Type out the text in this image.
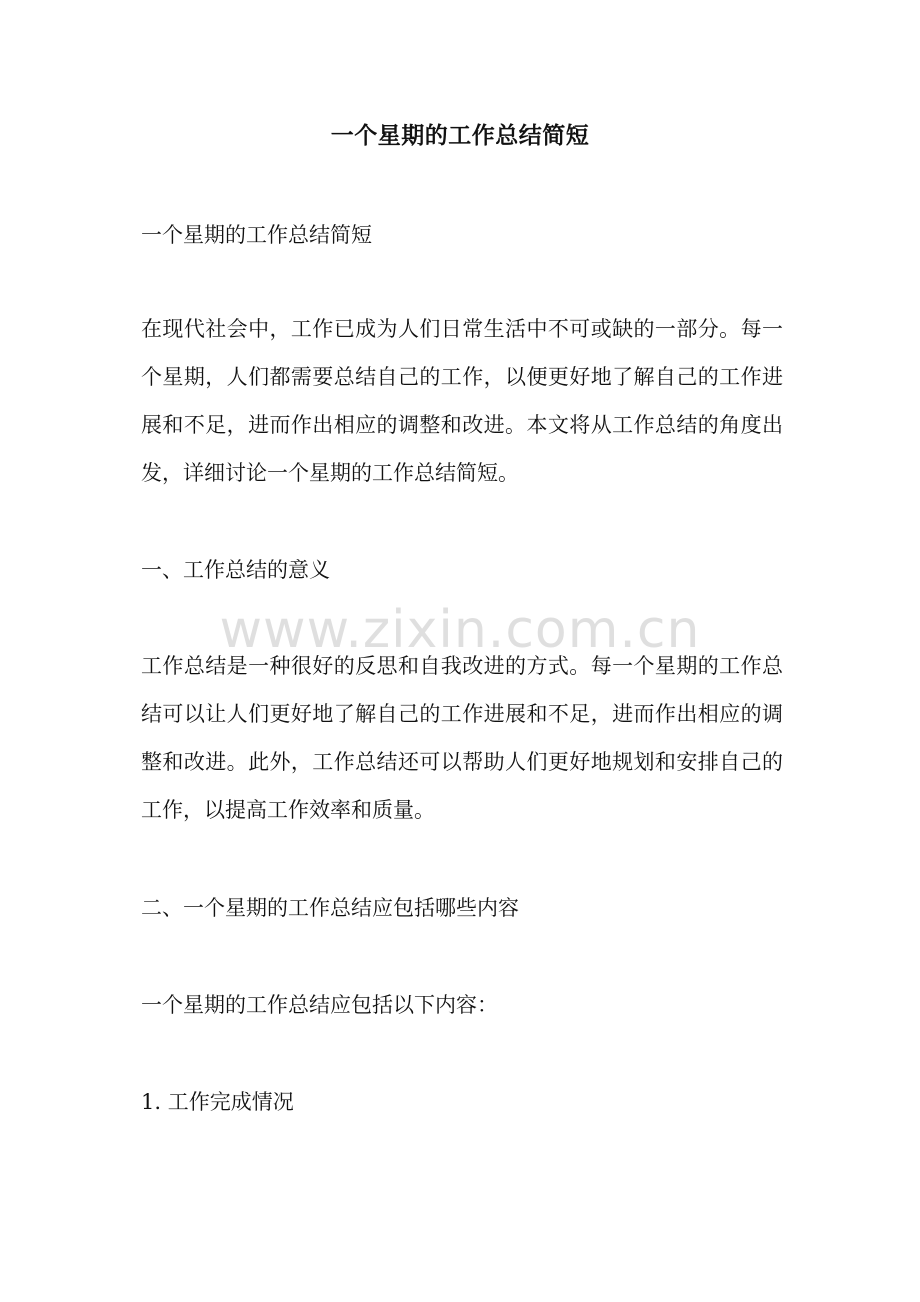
一个星期的工作总结简短

一个星期的工作总结简短

在现代社会中，工作已成为人们日常生活中不可或缺的一部分。每一个星期，人们都需要总结自己的工作，以便更好地了解自己的工作进展和不足，进而作出相应的调整和改进。本文将从工作总结的角度出发，详细讨论一个星期的工作总结简短。

一、工作总结的意义

www.zixin.com.cn

工作总结是一种很好的反思和自我改进的方式。每一个星期的工作总结可以让人们更好地了解自己的工作进展和不足，进而作出相应的调整和改进。此外，工作总结还可以帮助人们更好地规划和安排自己的工作，以提高工作效率和质量。

二、一个星期的工作总结应包括哪些内容

一个星期的工作总结应包括以下内容：

1. 工作完成情况
